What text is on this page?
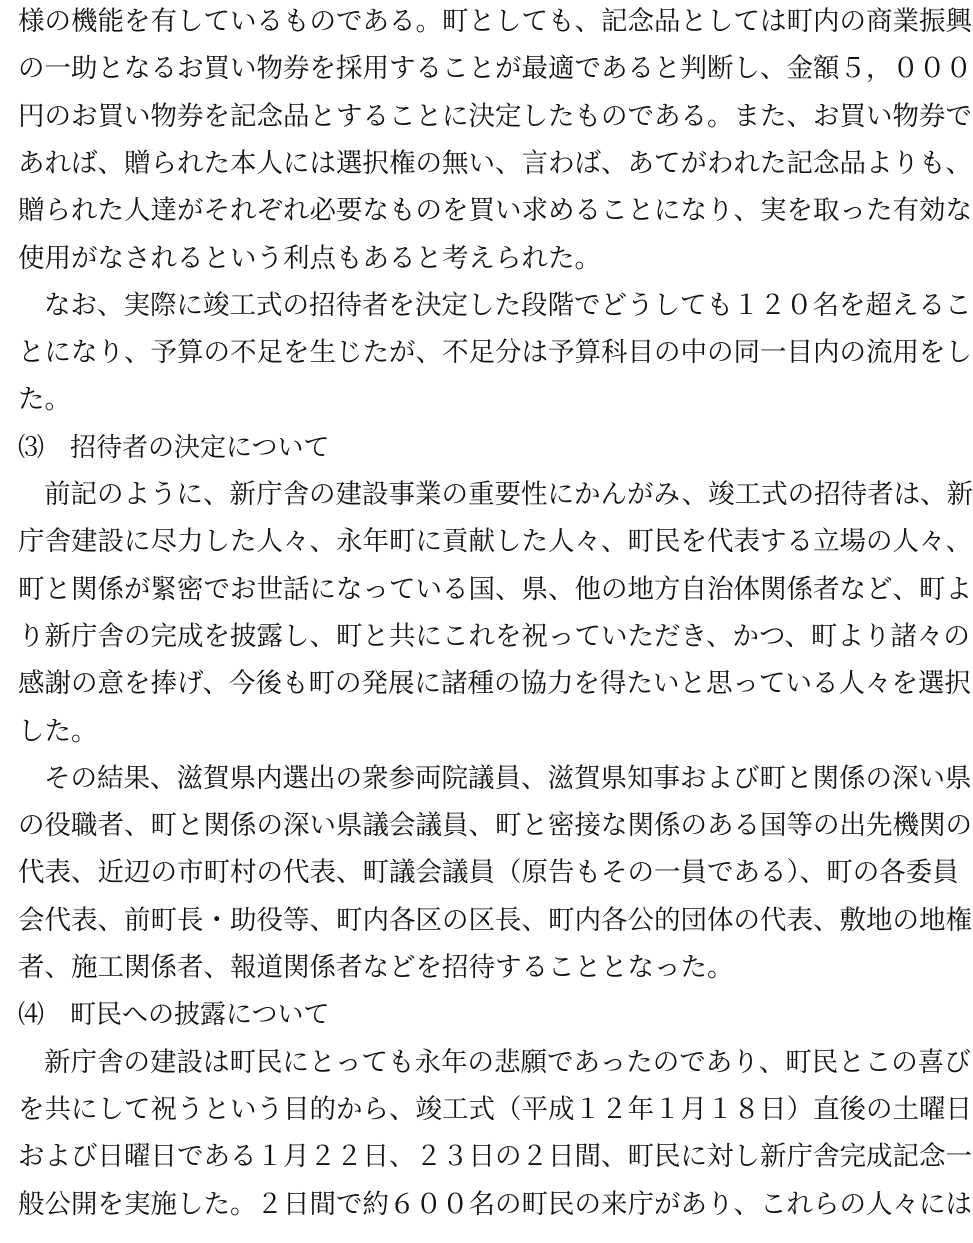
様の機能を有しているものである。町としても、記念品としては町内の商業振興
の一助となるお買い物券を採用することが最適であると判断し、金額５，０００
円のお買い物券を記念品とすることに決定したものである。また、お買い物券で
あれば、贈られた本人には選択権の無い、言わば、あてがわれた記念品よりも、
贈られた人達がそれぞれ必要なものを買い求めることになり、実を取った有効な
使用がなされるという利点もあると考えられた。
なお、実際に竣工式の招待者を決定した段階でどうしても１２０名を超えるこ
とになり、予算の不足を生じたが、不足分は予算科目の中の同一目内の流用をし
た。
⑶　招待者の決定について
前記のように、新庁舎の建設事業の重要性にかんがみ、竣工式の招待者は、新
庁舎建設に尽力した人々、永年町に貢献した人々、町民を代表する立場の人々、
町と関係が緊密でお世話になっている国、県、他の地方自治体関係者など、町よ
り新庁舎の完成を披露し、町と共にこれを祝っていただき、かつ、町より諸々の
感謝の意を捧げ、今後も町の発展に諸種の協力を得たいと思っている人々を選択
した。
その結果、滋賀県内選出の衆参両院議員、滋賀県知事および町と関係の深い県
の役職者、町と関係の深い県議会議員、町と密接な関係のある国等の出先機関の
代表、近辺の市町村の代表、町議会議員（原告もその一員である）、町の各委員
会代表、前町長・助役等、町内各区の区長、町内各公的団体の代表、敷地の地権
者、施工関係者、報道関係者などを招待することとなった。
⑷　町民への披露について
新庁舎の建設は町民にとっても永年の悲願であったのであり、町民とこの喜び
を共にして祝うという目的から、竣工式（平成１２年１月１８日）直後の土曜日
および日曜日である１月２２日、２３日の２日間、町民に対し新庁舎完成記念一
般公開を実施した。２日間で約６００名の町民の来庁があり、これらの人々には
